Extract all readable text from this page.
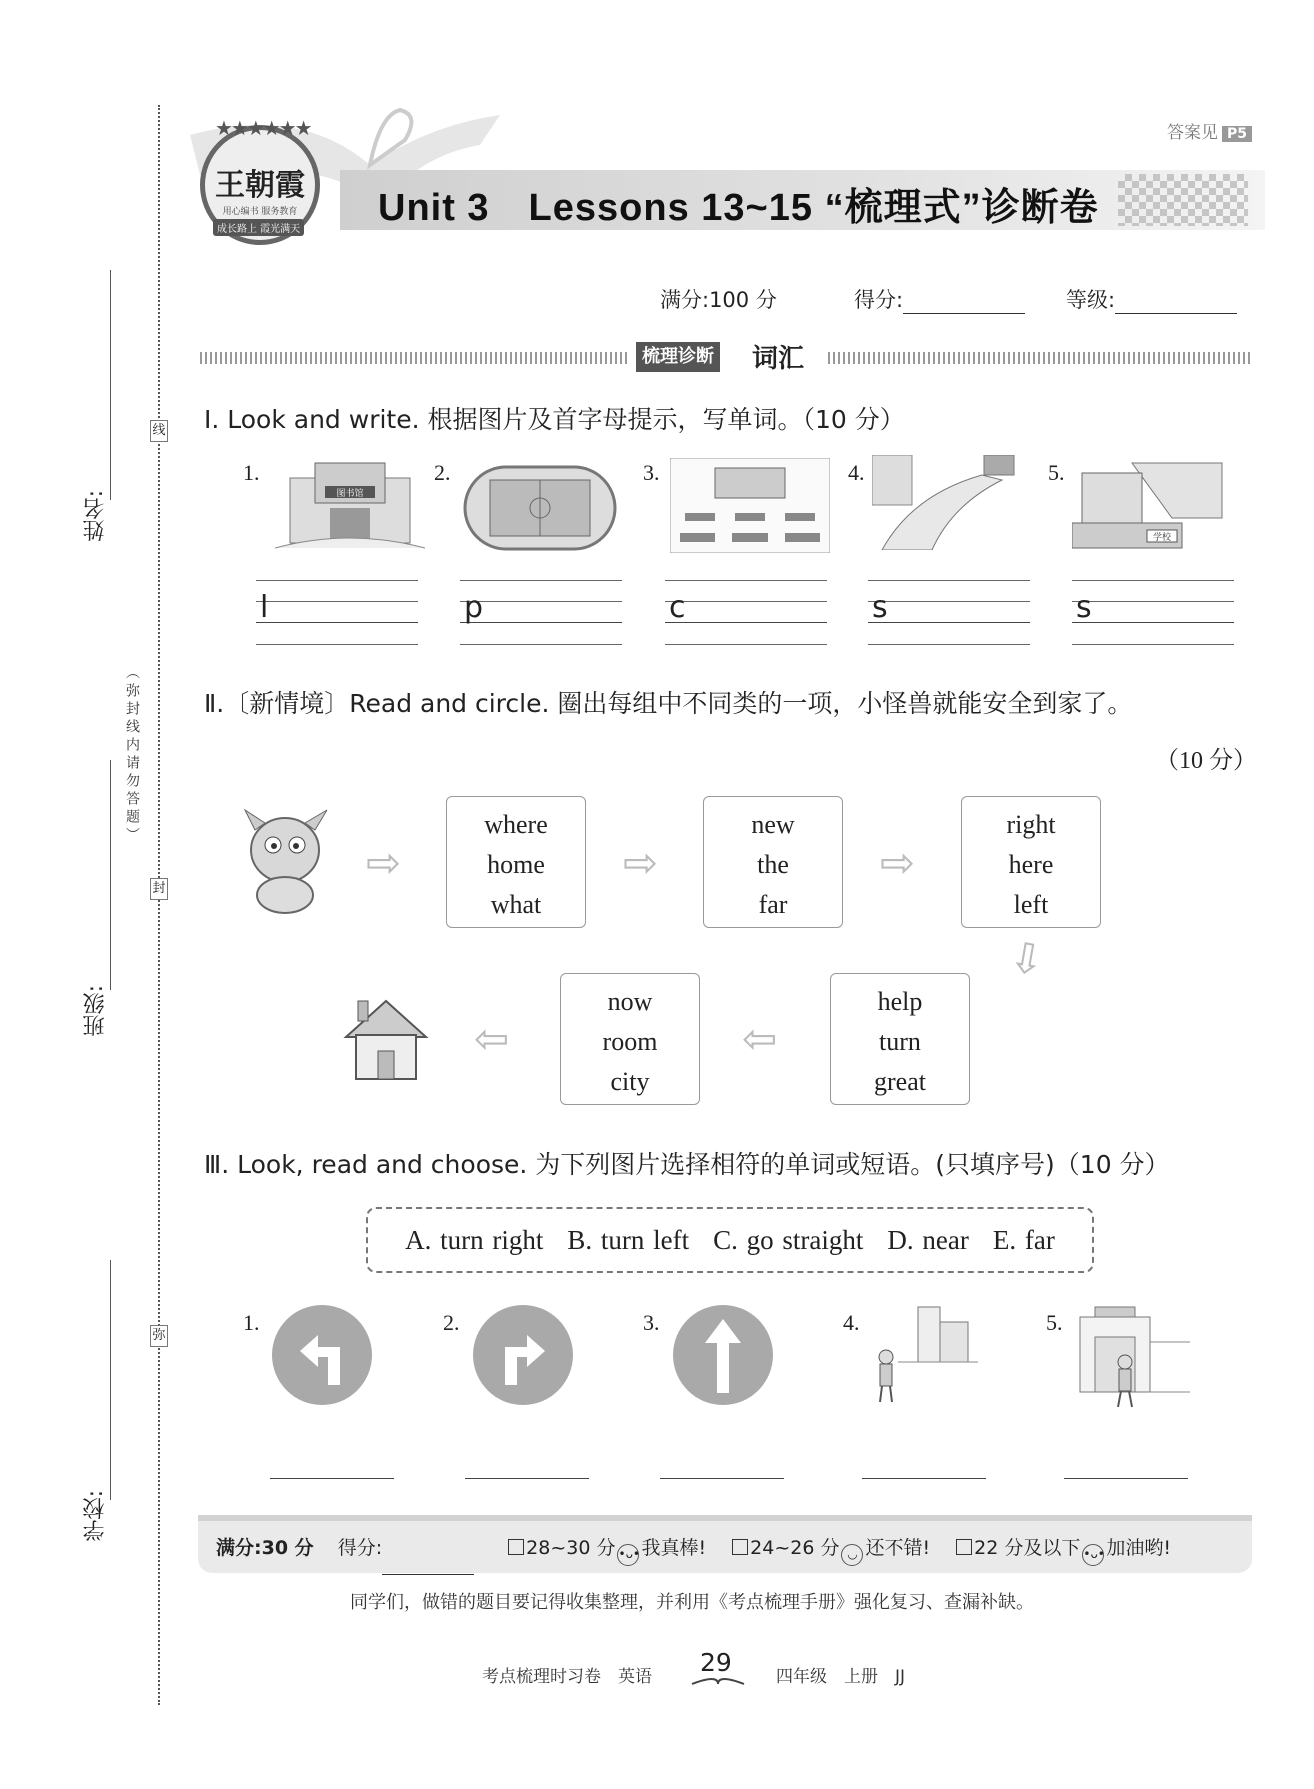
线
封
弥
姓名:
（弥封线内请勿答题）
班级:
学校:
答案见 P5
★★★★★★
王朝霞
用心编书 服务教育
成长路上 霞光满天
Unit 3　Lessons 13~15 “梳理式”诊断卷
满分:100 分	得分:	等级:
梳理诊断 词汇
Ⅰ. Look and write. 根据图片及首字母提示，写单词。（10 分）
1.
图书馆
2.	3.	4.	5.
学校
l	p	c	s	s
Ⅱ.〔新情境〕Read and circle. 圈出每组中不同类的一项，小怪兽就能安全到家了。
（10 分）
where
home
what
new
the
far
right
here
left
help
turn
great
now
room
city
⇨	⇨	⇨
⇨
⇦
⇦
Ⅲ. Look, read and choose. 为下列图片选择相符的单词或短语。(只填序号)（10 分）
A. turn right B. turn left C. go straight D. near E. far
1.	2.	3.	4.	5.
满分:30 分 得分:	28~30 分 •ᴗ•我真棒! 24~26 分 ◡ 还不错! 22 分及以下 •ᴗ•加油哟!
同学们，做错的题目要记得收集整理，并利用《考点梳理手册》强化复习、查漏补缺。
考点梳理时习卷　英语 29	四年级　上册　JJ
